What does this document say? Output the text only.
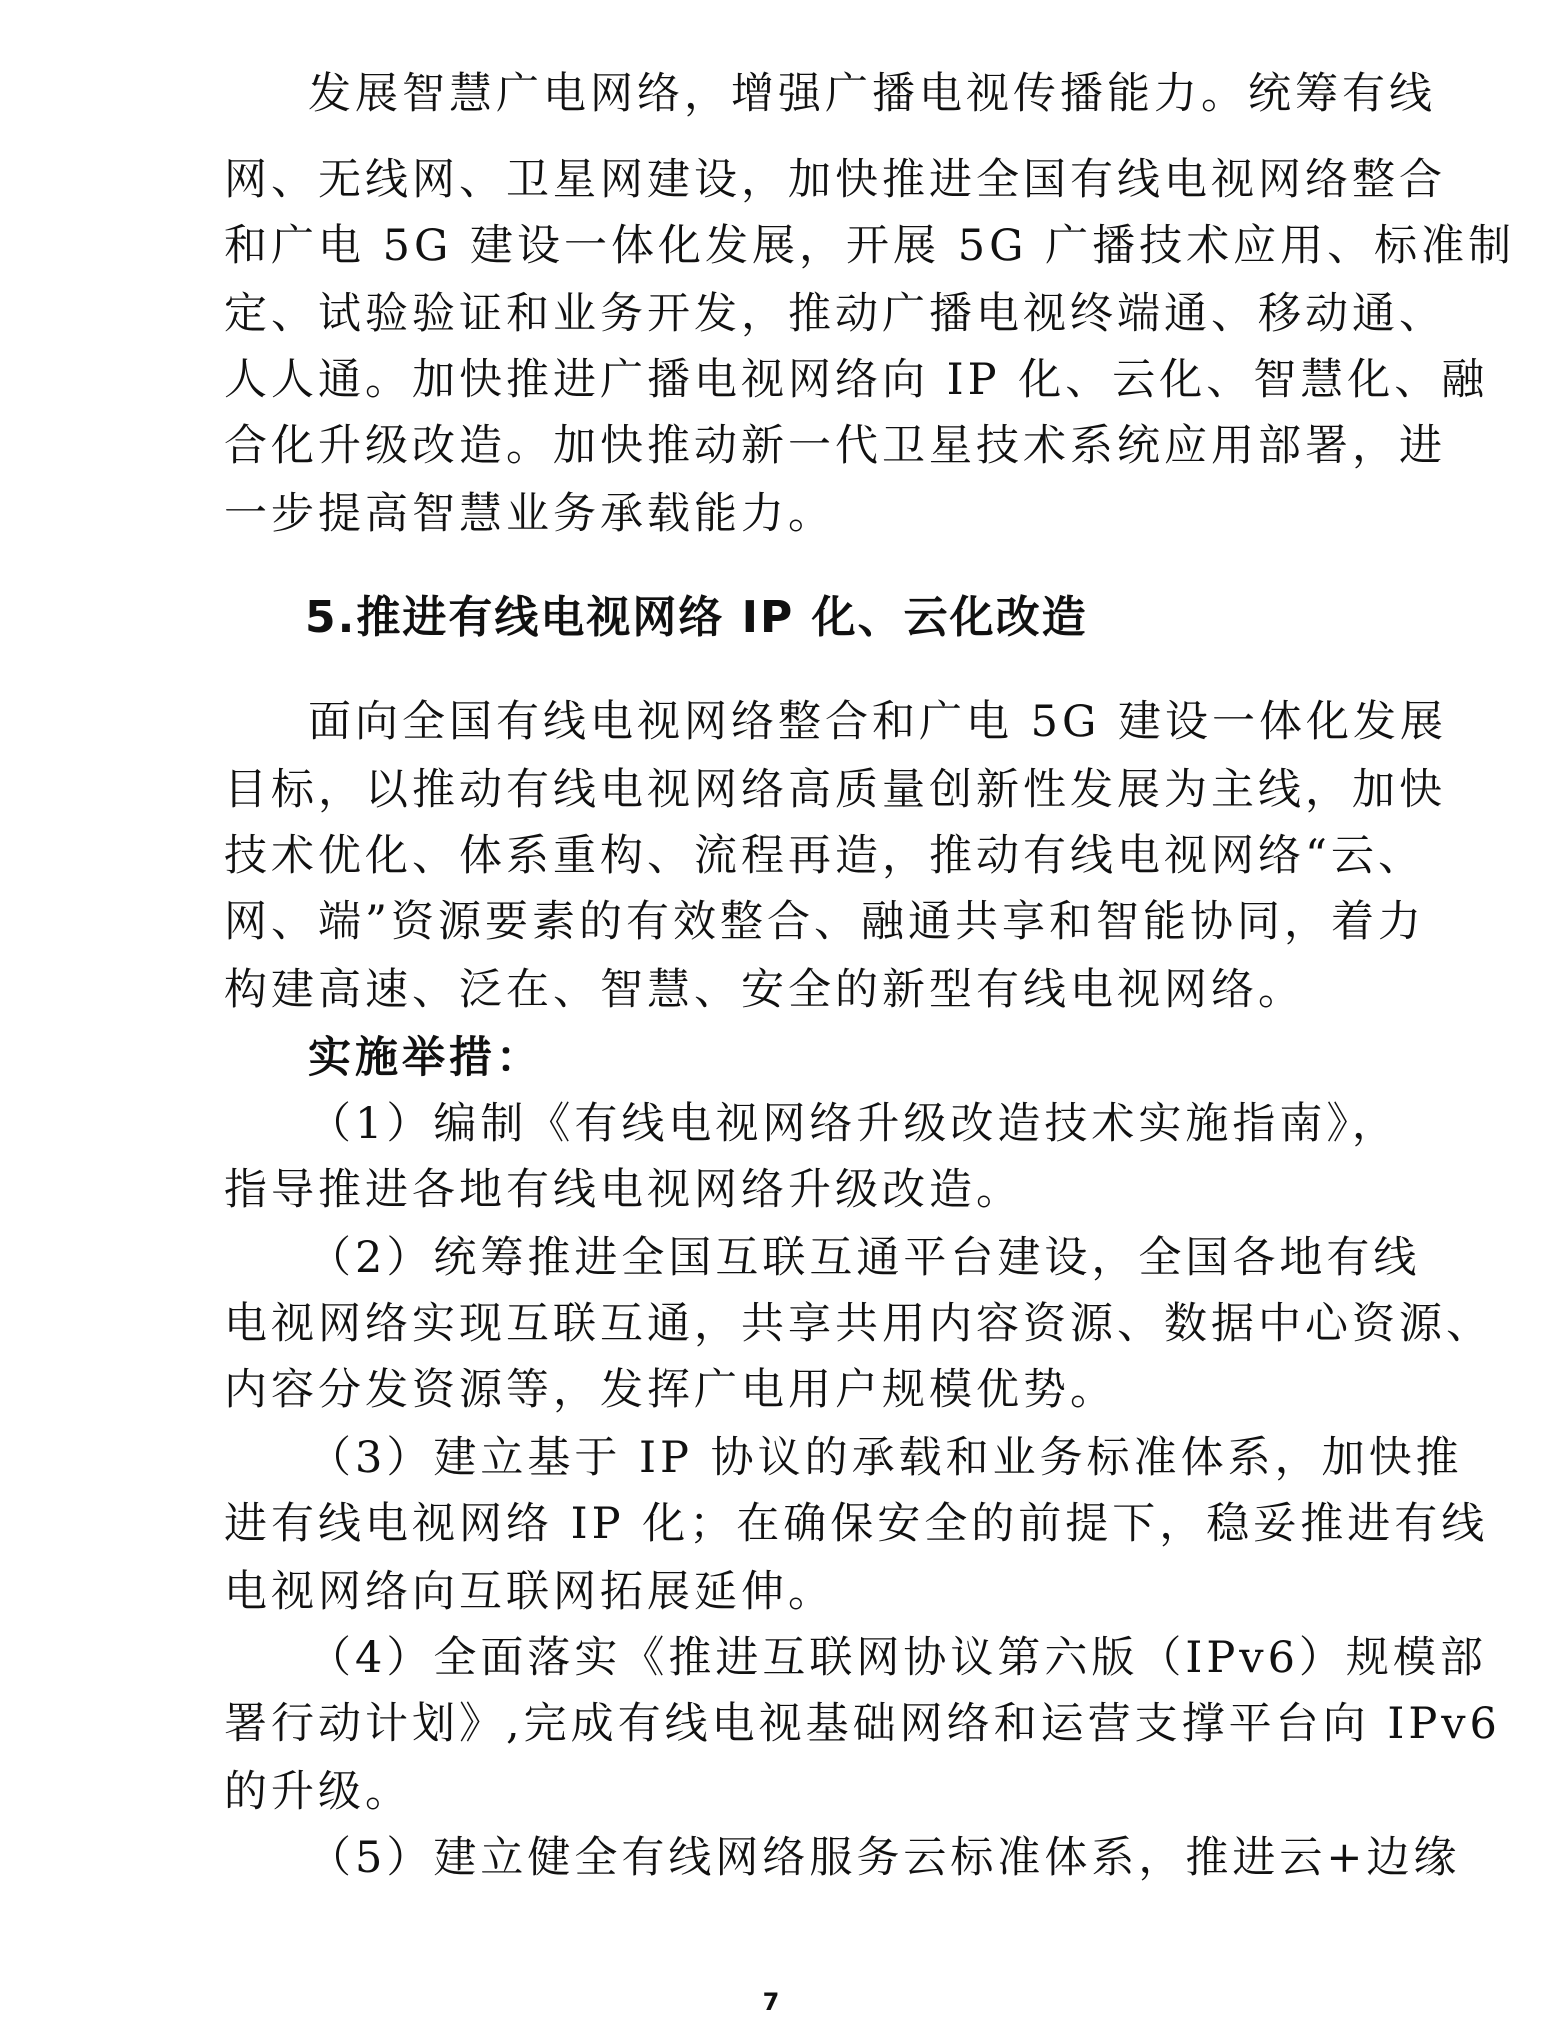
发展智慧广电网络，增强广播电视传播能力。统筹有线
网、无线网、卫星网建设，加快推进全国有线电视网络整合
和广电 5G 建设一体化发展，开展 5G 广播技术应用、标准制
定、试验验证和业务开发，推动广播电视终端通、移动通、
人人通。加快推进广播电视网络向 IP 化、云化、智慧化、融
合化升级改造。加快推动新一代卫星技术系统应用部署，进
一步提高智慧业务承载能力。
5.推进有线电视网络 IP 化、云化改造
面向全国有线电视网络整合和广电 5G 建设一体化发展
目标，以推动有线电视网络高质量创新性发展为主线，加快
技术优化、体系重构、流程再造，推动有线电视网络“云、
网、端”资源要素的有效整合、融通共享和智能协同，着力
构建高速、泛在、智慧、安全的新型有线电视网络。
实施举措：
（1）编制《有线电视网络升级改造技术实施指南》，
指导推进各地有线电视网络升级改造。
（2）统筹推进全国互联互通平台建设，全国各地有线
电视网络实现互联互通，共享共用内容资源、数据中心资源、
内容分发资源等，发挥广电用户规模优势。
（3）建立基于 IP 协议的承载和业务标准体系，加快推
进有线电视网络 IP 化；在确保安全的前提下，稳妥推进有线
电视网络向互联网拓展延伸。
（4）全面落实《推进互联网协议第六版（IPv6）规模部
署行动计划》,完成有线电视基础网络和运营支撑平台向 IPv6
的升级。
（5）建立健全有线网络服务云标准体系，推进云+边缘
7
